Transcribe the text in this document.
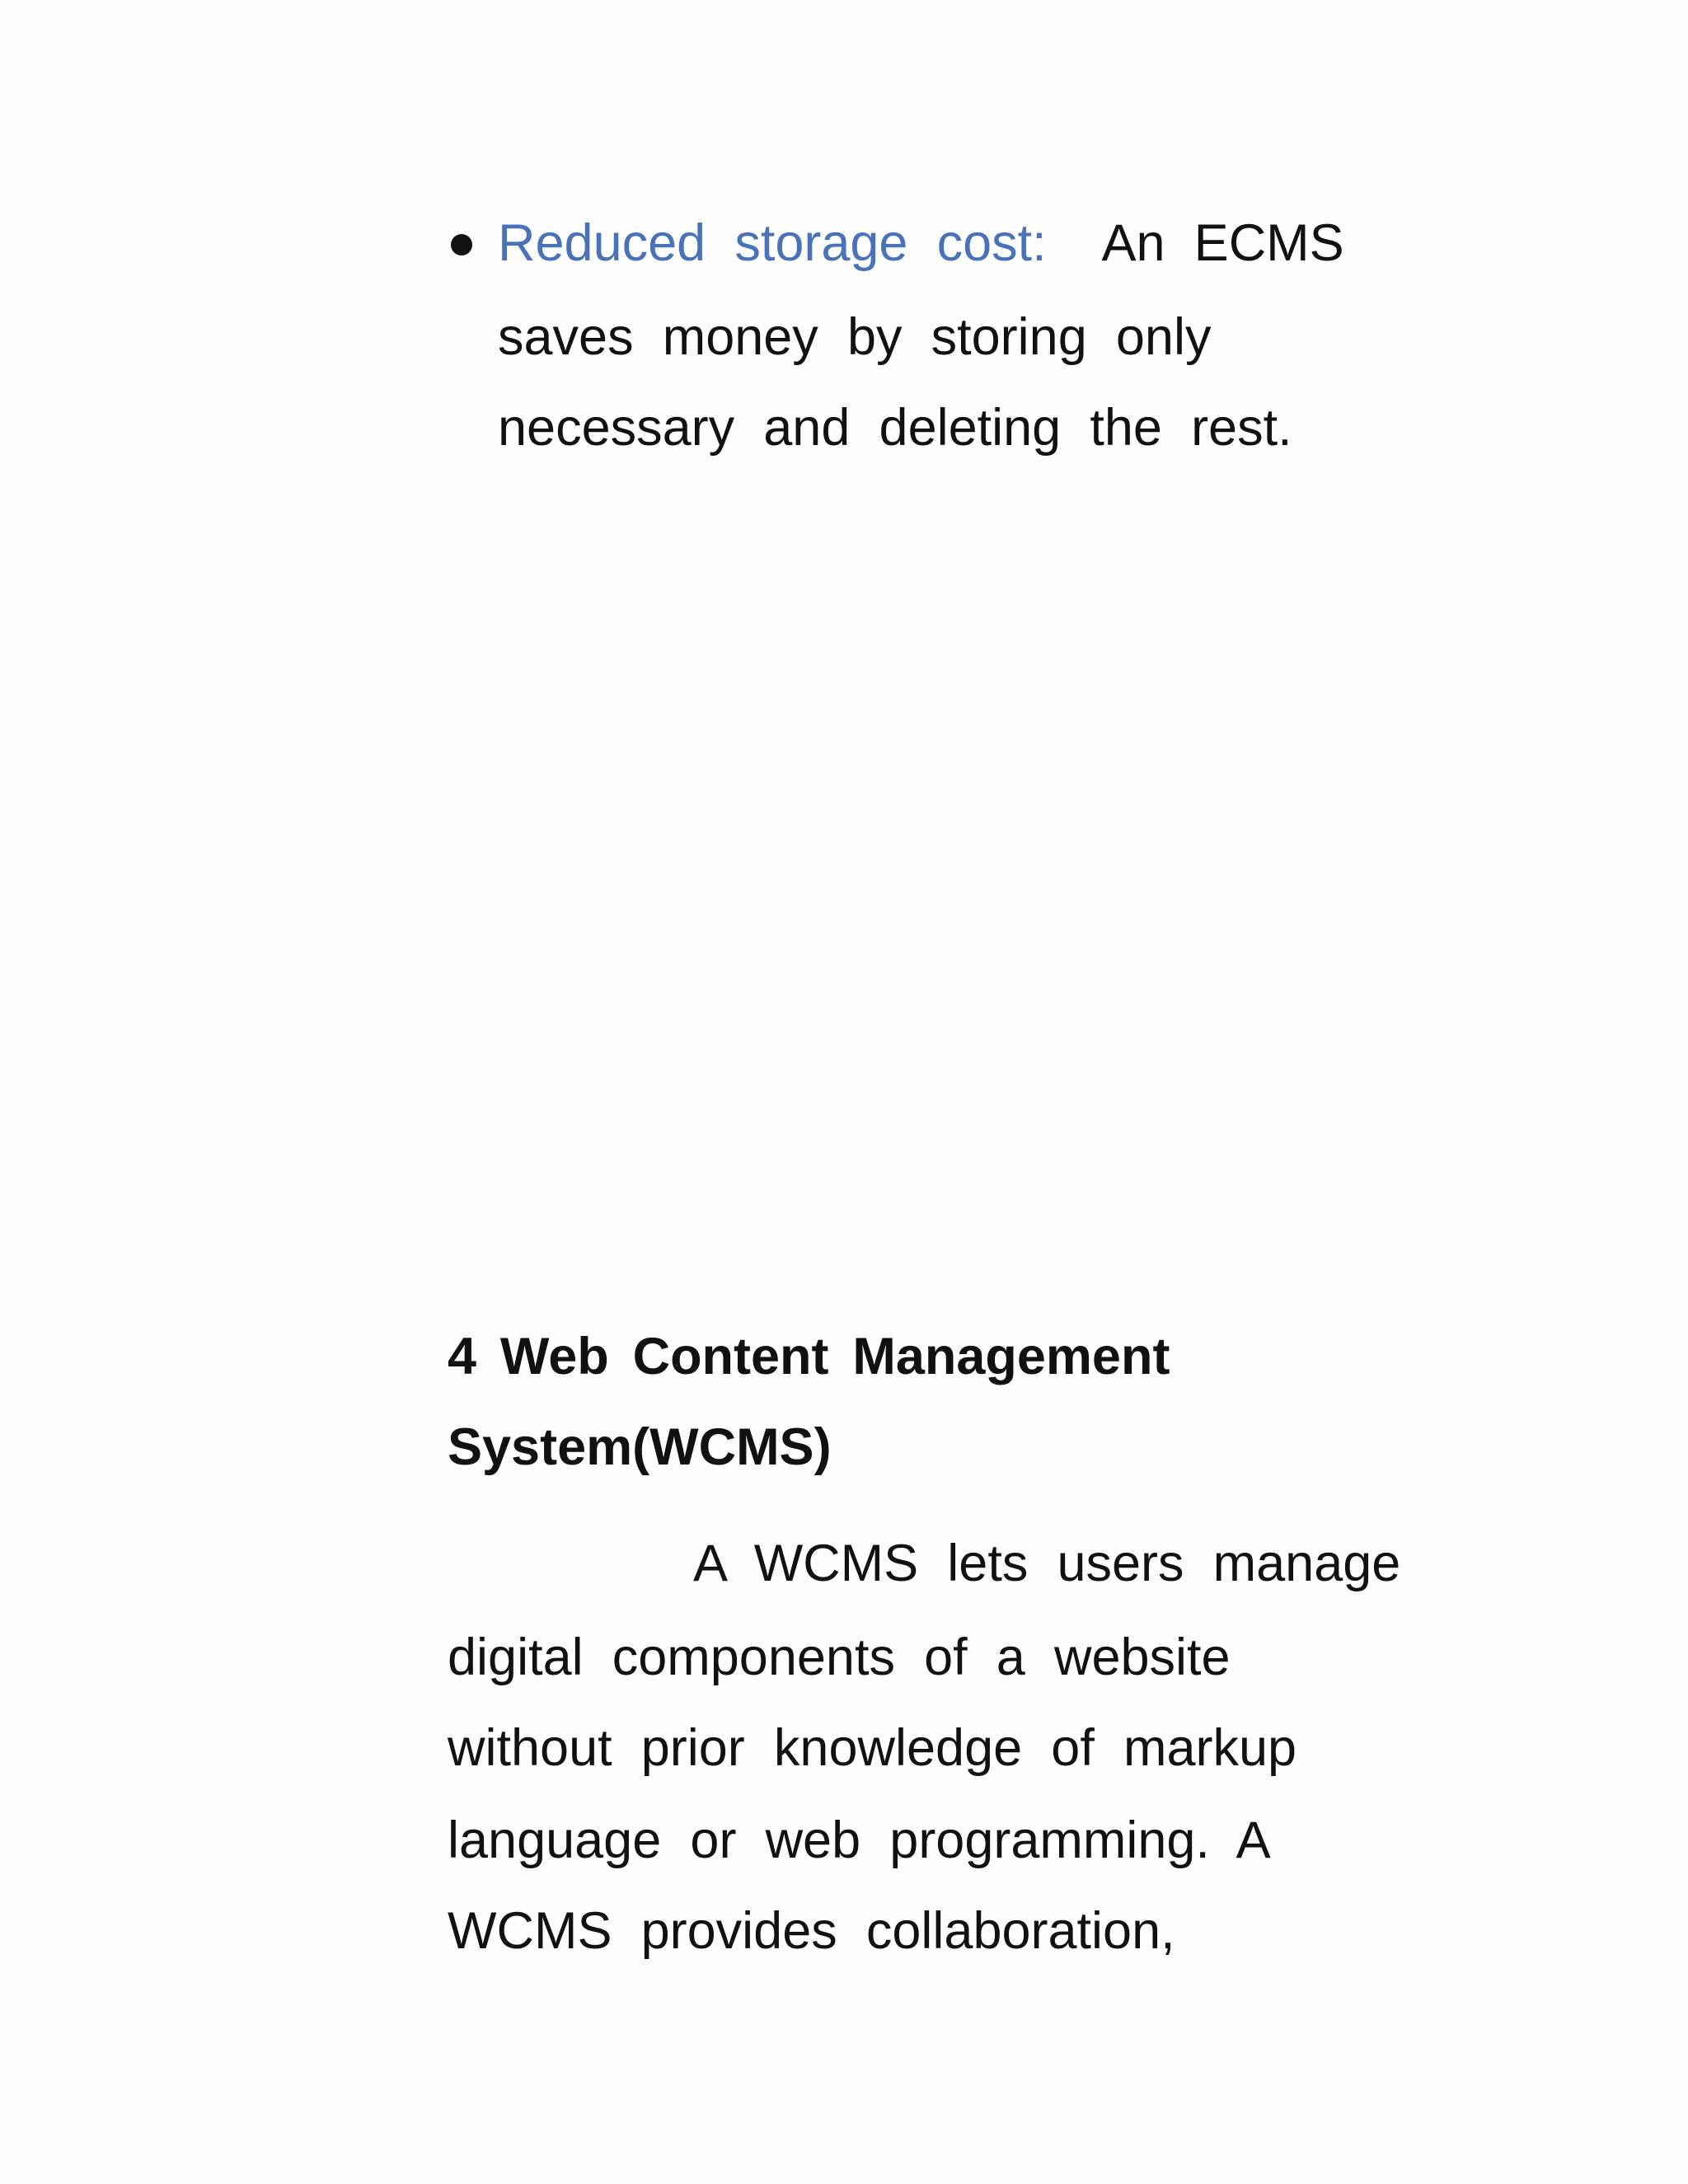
Reduced storage cost: An ECMS
saves money by storing only
necessary and deleting the rest.
4 Web Content Management
System(WCMS)
A WCMS lets users manage
digital components of a website
without prior knowledge of markup
language or web programming. A
WCMS provides collaboration,
